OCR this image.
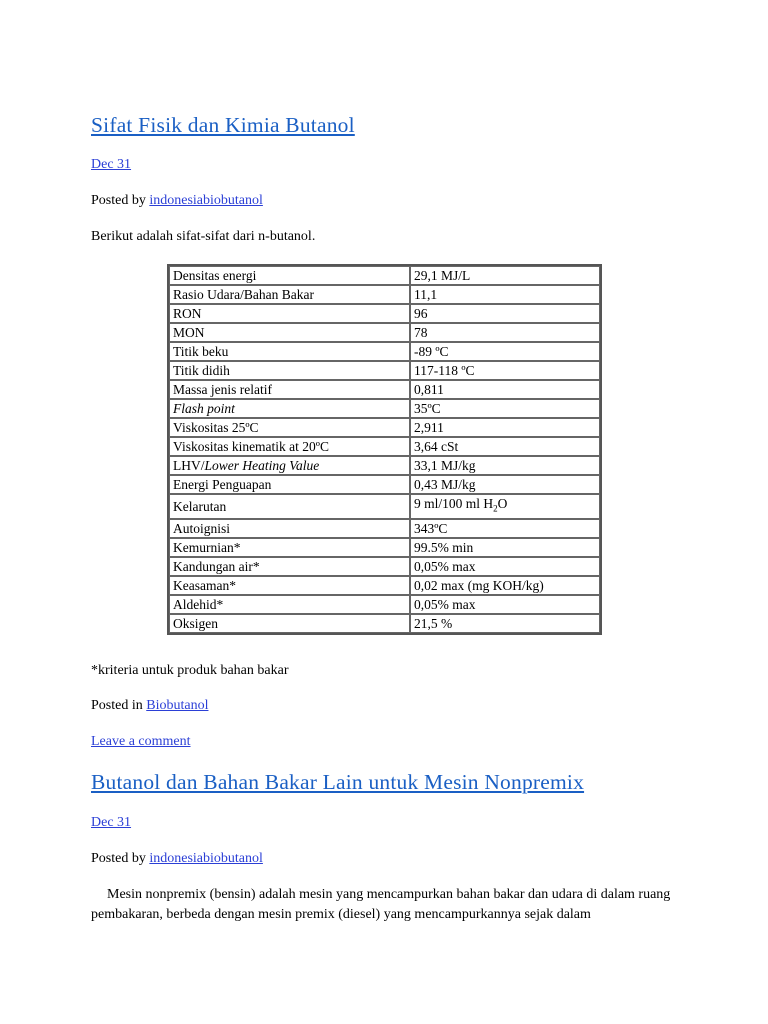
Sifat Fisik dan Kimia Butanol
Dec 31
Posted by indonesiabiobutanol
Berikut adalah sifat-sifat dari n-butanol.
Densitas energi	29,1 MJ/L
Rasio Udara/Bahan Bakar	11,1
RON	96
MON	78
Titik beku	-89 ºC
Titik didih	117-118 ºC
Massa jenis relatif	0,811
Flash point	35ºC
Viskositas 25ºC	2,911
Viskositas kinematik at 20ºC	3,64 cSt
LHV/Lower Heating Value	33,1 MJ/kg
Energi Penguapan	0,43 MJ/kg
Kelarutan	9 ml/100 ml $H_2O$
Autoignisi	343ºC
Kemurnian*	99.5% min
Kandungan air*	0,05% max
Keasaman*	0,02 max (mg KOH/kg)
Aldehid*	0,05% max
Oksigen	21,5 %
*kriteria untuk produk bahan bakar
Posted in Biobutanol
Leave a comment
Butanol dan Bahan Bakar Lain untuk Mesin Nonpremix
Dec 31
Posted by indonesiabiobutanol
Mesin nonpremix (bensin) adalah mesin yang mencampurkan bahan bakar dan udara di dalam ruang pembakaran, berbeda dengan mesin premix (diesel) yang mencampurkannya sejak dalam
